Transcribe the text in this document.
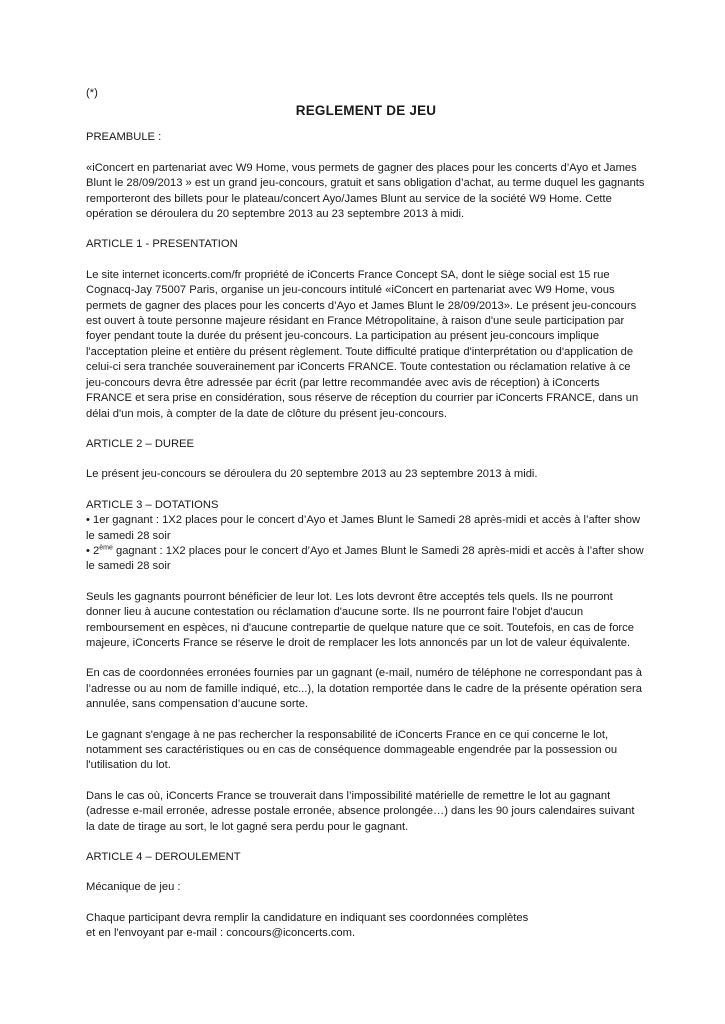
(*)

REGLEMENT DE JEU

PREAMBULE :

«iConcert en partenariat avec W9 Home, vous permets de gagner des places pour les concerts d’Ayo et James Blunt le 28/09/2013 » est un grand jeu-concours, gratuit et sans obligation d’achat, au terme duquel les gagnants remporteront des billets pour le plateau/concert Ayo/James Blunt au service de la société W9 Home. Cette opération se déroulera du 20 septembre 2013 au 23 septembre 2013 à midi.

ARTICLE 1 - PRESENTATION

Le site internet iconcerts.com/fr propriété de iConcerts France Concept SA, dont le siège social est 15 rue Cognacq-Jay 75007 Paris, organise un jeu-concours intitulé «iConcert en partenariat avec W9 Home, vous permets de gagner des places pour les concerts d’Ayo et James Blunt le 28/09/2013». Le présent jeu-concours est ouvert à toute personne majeure résidant en France Métropolitaine, à raison d'une seule participation par foyer pendant toute la durée du présent jeu-concours. La participation au présent jeu-concours implique l'acceptation pleine et entière du présent règlement. Toute difficulté pratique d'interprétation ou d'application de celui-ci sera tranchée souverainement par iConcerts FRANCE. Toute contestation ou réclamation relative à ce jeu-concours devra être adressée par écrit (par lettre recommandée avec avis de réception) à iConcerts FRANCE et sera prise en considération, sous réserve de réception du courrier par iConcerts FRANCE, dans un délai d'un mois, à compter de la date de clôture du présent jeu-concours.

ARTICLE 2 – DUREE

Le présent jeu-concours se déroulera du 20 septembre 2013 au 23 septembre 2013 à midi.

ARTICLE 3 – DOTATIONS
• 1er gagnant : 1X2 places pour le concert d’Ayo et James Blunt le Samedi 28 après-midi et accès à l’after show le samedi 28 soir
• 2ème gagnant : 1X2 places pour le concert d’Ayo et James Blunt le Samedi 28 après-midi et accès à l’after show le samedi 28 soir

Seuls les gagnants pourront bénéficier de leur lot. Les lots devront être acceptés tels quels. Ils ne pourront donner lieu à aucune contestation ou réclamation d'aucune sorte. Ils ne pourront faire l'objet d'aucun remboursement en espèces, ni d'aucune contrepartie de quelque nature que ce soit. Toutefois, en cas de force majeure, iConcerts France se réserve le droit de remplacer les lots annoncés par un lot de valeur équivalente.

En cas de coordonnées erronées fournies par un gagnant (e-mail, numéro de téléphone ne correspondant pas à l’adresse ou au nom de famille indiqué, etc...), la dotation remportée dans le cadre de la présente opération sera annulée, sans compensation d’aucune sorte.

Le gagnant s'engage à ne pas rechercher la responsabilité de iConcerts France en ce qui concerne le lot, notamment ses caractéristiques ou en cas de conséquence dommageable engendrée par la possession ou l'utilisation du lot.

Dans le cas où, iConcerts France se trouverait dans l’impossibilité matérielle de remettre le lot au gagnant (adresse e-mail erronée, adresse postale erronée, absence prolongée…) dans les 90 jours calendaires suivant la date de tirage au sort, le lot gagné sera perdu pour le gagnant.

ARTICLE 4 – DEROULEMENT

Mécanique de jeu :

Chaque participant devra remplir la candidature en indiquant ses coordonnées complètes
et en l'envoyant par e-mail : concours@iconcerts.com.
